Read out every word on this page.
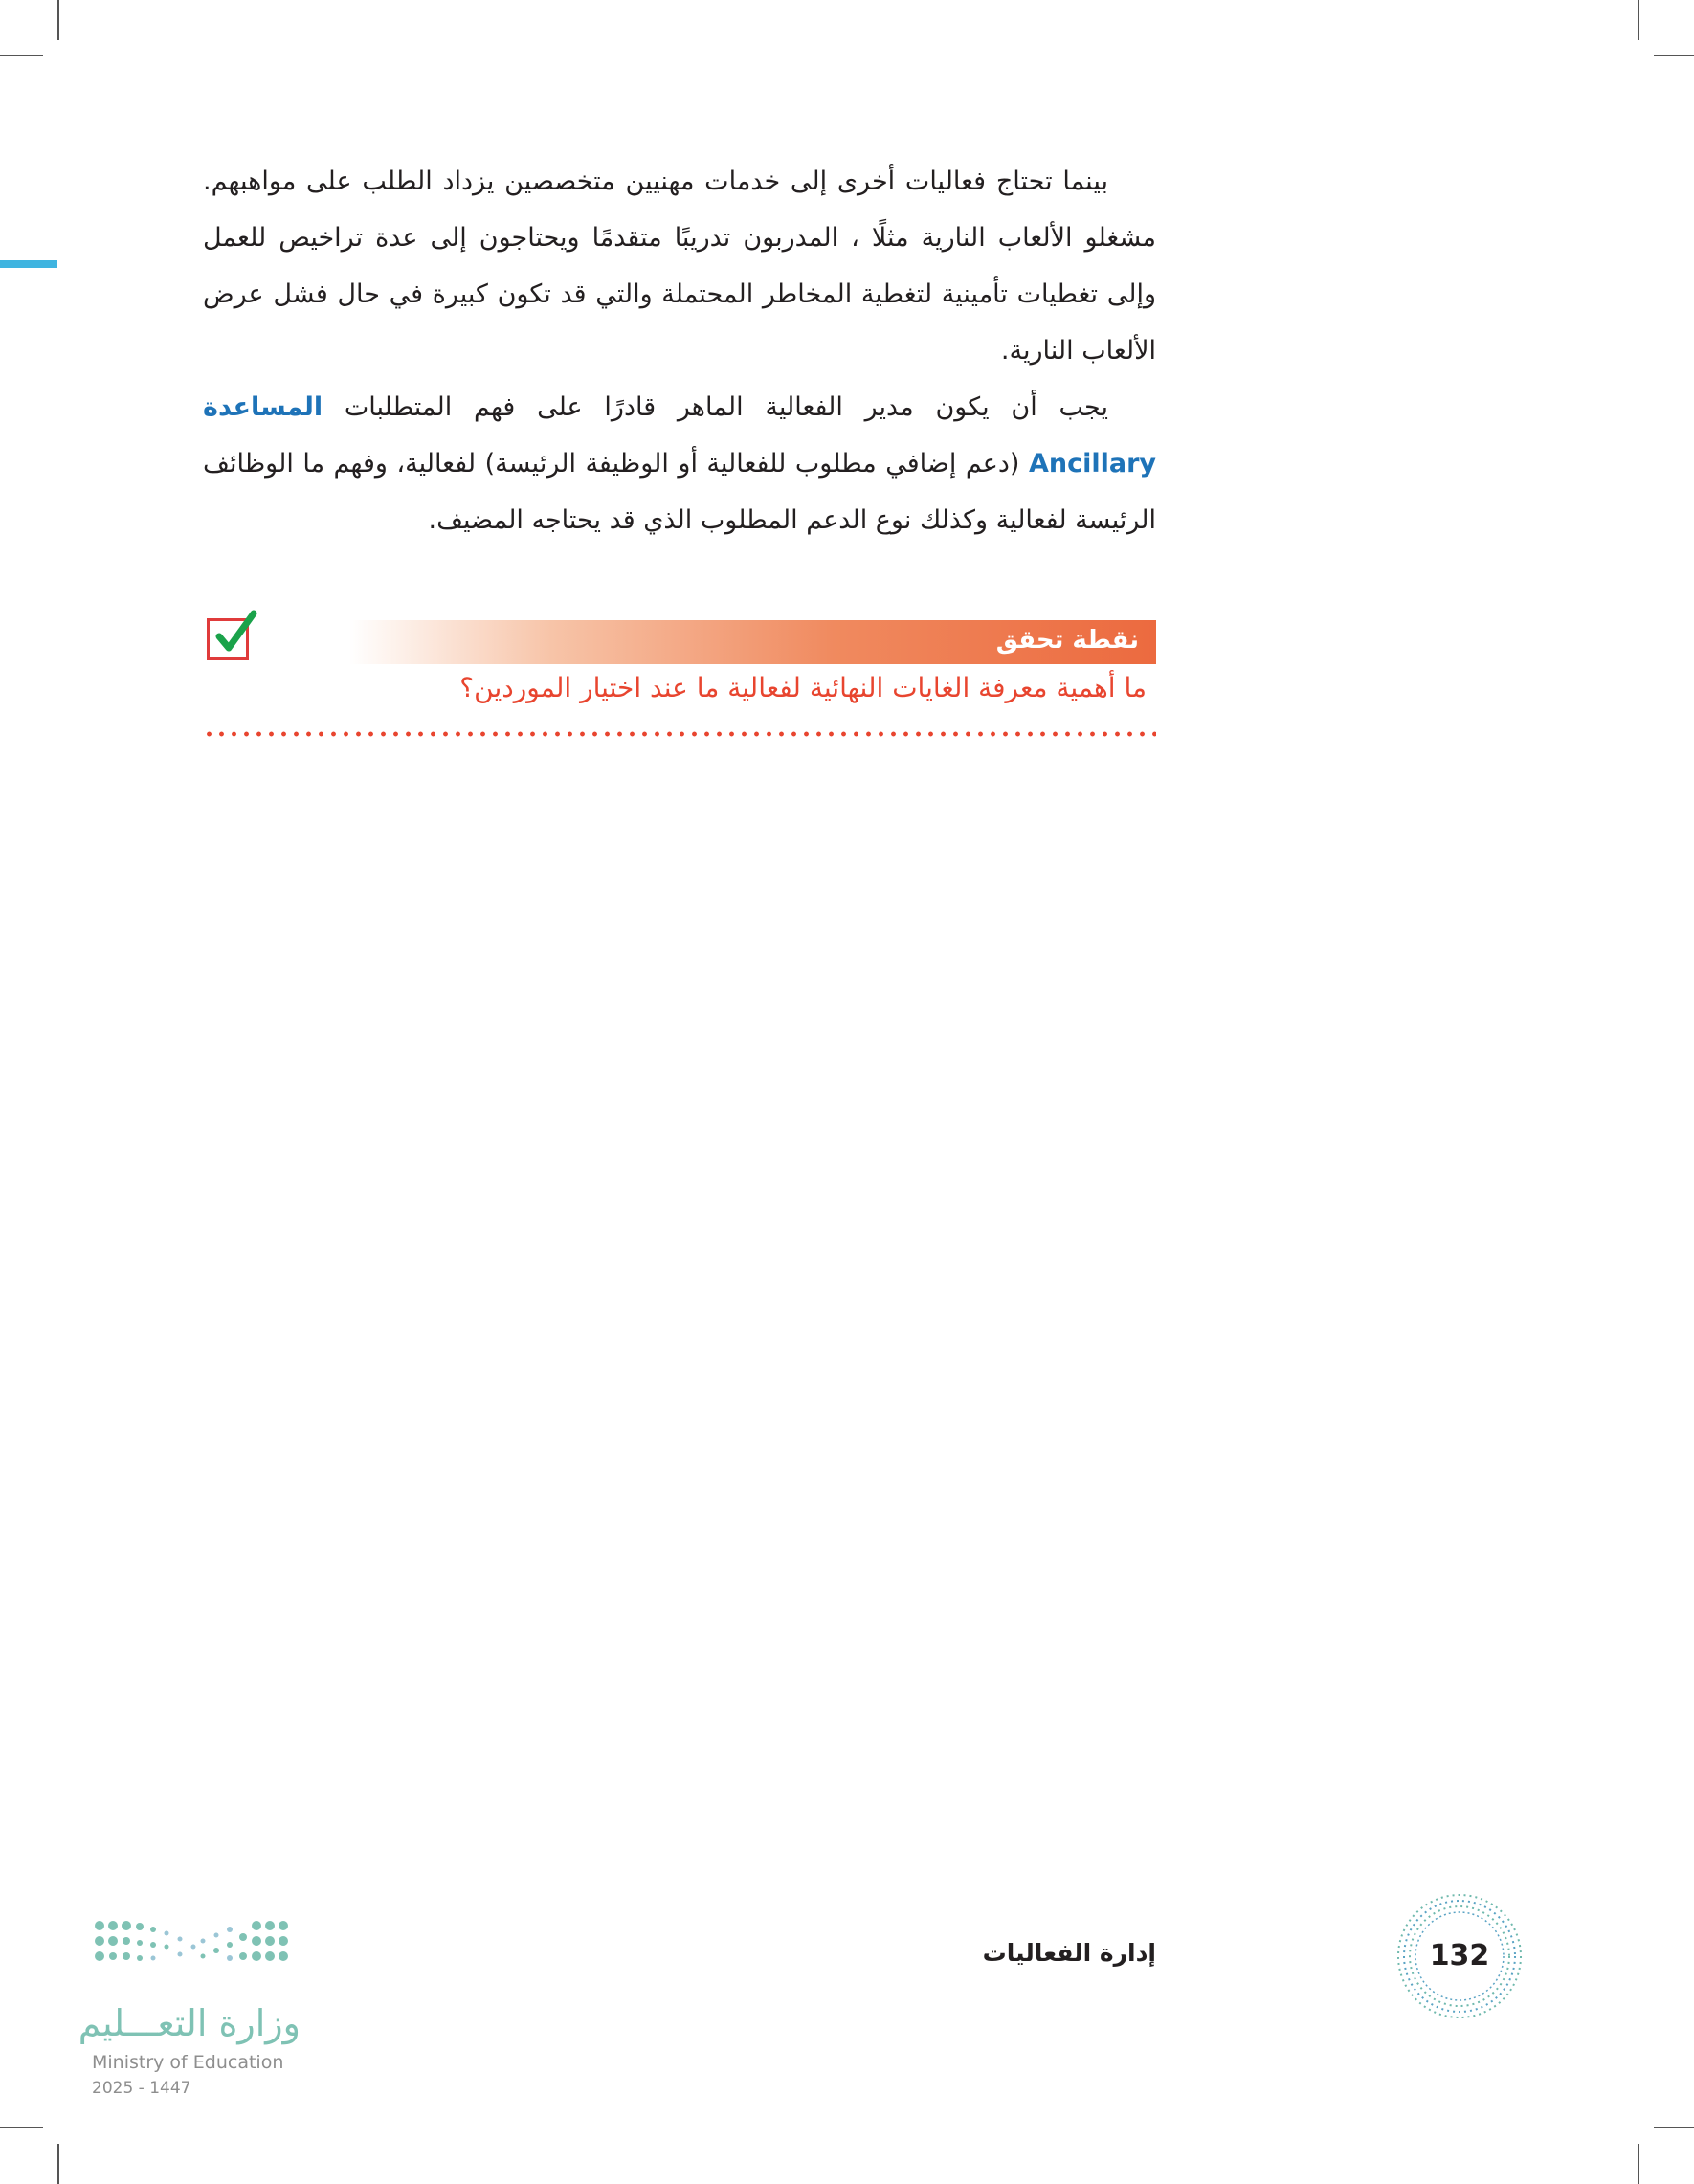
بينما تحتاج فعاليات أخرى إلى خدمات مهنيين متخصصين يزداد الطلب على مواهبهم. مشغلو الألعاب النارية مثلًا ، المدربون تدريبًا متقدمًا ويحتاجون إلى عدة تراخيص للعمل وإلى تغطيات تأمينية لتغطية المخاطر المحتملة والتي قد تكون كبيرة في حال فشل عرض الألعاب النارية.

يجب أن يكون مدير الفعالية الماهر قادرًا على فهم المتطلبات المساعدة Ancillary (دعم إضافي مطلوب للفعالية أو الوظيفة الرئيسة) لفعالية، وفهم ما الوظائف الرئيسة لفعالية وكذلك نوع الدعم المطلوب الذي قد يحتاجه المضيف.

نقطة تحقق
ما أهمية معرفة الغايات النهائية لفعالية ما عند اختيار الموردين؟
132
إدارة الفعاليات
وزارة التعـــليم
Ministry of Education
2025 - 1447
